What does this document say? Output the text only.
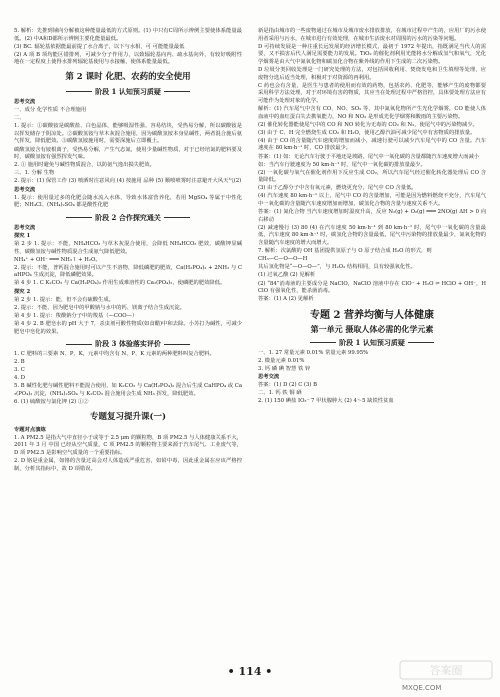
5. 解析：先推到铺向分解被这种能量最低的方式原则。(1) 中只有C周所示辨例主要使体系能量最低。(2) 中A和D都所示辨例主要化能量最低。

(3) BC. 辐轮基依据能最前提了水合离子，以下与水相，可 可能能量最低

(2) A 项 B 项均能区错排列，可减少分子作用力，以致辐轮基向内、疏水基向外，有较好吸附性地在一定程度上使得水排列辐轮基使用与水接触，使体系能量最低。

第 2 课时 化肥、农药的安全使用
阶段 1 认知预习质疑

思考交流

一、成分 化学性质 不合理施用

二、

1. 提示：①碳酸铵是碳酸盐、白色晶体，能够吸湿性强、容易结块，受热易分解，所以碳酸铵是以挥发储存于阴凉处。②碳酸氢铵与草木灰混合施用，因为碳酸氢铵本身显碱性，两者混合施后氨气挥发，降低肥效。③碳酸氢铵施用时，需要深施后立即覆土。

碳酸氢铵含有铵根离子，受热易分解，产生气态氮，使用少量碱性物质，对于已经培氮的肥料要及时，碳酸氢铵有强烈挥发气味。

2. ① 施用时避免与碱性物质混合，以防氨气逸出损失肥效。

三、1. 分解 生物

2. 提示：(1) 保管工作 (3) 喷洒时注意风向 (4) 按施用 品种 (5) 顺喷喷雾时注意避开大风天气(2)

思考交流

1. 提示：使用量过多的化肥会随水流入水体，导致水体富营养化，若用 MgSO₄ 等属于中性化肥；NH₄Cl、(NH₄)₂SO₄ 都是酸性化肥

阶段 2 合作探究通关

思考交流

探究 1

第 2 步 1. 提示：不能，NH₄HCO₃ 与草木灰混合使用，会降低 NH₄HCO₃ 肥效，碳酸钾显碱性，碳酸氢铵与碱性物质混合生成氨气降低肥效。

NH₄⁺ + OH⁻ ═══ NH₃↑ + H₂O。

2. 提示：不能，普钙混合施用时可以产生不溶物，降低磷肥的肥效，Ca(H₂PO₄)₂ + 2NH₃ 与 CaHPO₄ 生成沉淀，降低磷肥效果。

第 4 步 1. C K₂CO₃ 与 Ca(H₂PO₄)₂ 作用生成难溶性的 Ca₃(PO₄)₂，使磷肥的肥效降低。

探究 2

第 2 步 1. 提示：能，但不会有硫酸生成。

2. 提示：不能，因为肥皂中的甲酸钠与水中的钙、镁离子结合生成沉淀。

第 4 步 1. 提示：羧酸钠分子中的羧基（—COO—）

第 4 步 2. B 肥皂水的 pH 大于 7，杀虫剂可酸性物质(如食醋)中和去除。小苏打为碱性，可减少肥皂中皂化的效果。

阶段 3 体验落实评价

1. C 肥料的三要素 N、P、K，元素中均含有 N、P、K 元素的两种肥料叫复合肥料。

2. B

3. C

4. D

5. B 碱性化肥与碱性肥料不能混合使用，如 K₂CO₃ 与 Ca(H₂PO₄)₂ 混合后生成 CaHPO₄ 或 Ca₃(PO₄)₂ 沉淀，(NH₄)₂SO₄ 与 K₂CO₃ 混合施用会生成 NH₃ 挥发，降低肥效。

6. (1) 硫酸铵与氯化钾 (2) ①②

专题复习提升课(一)

专题对点演练

1. A PM2.5 是指大气中直径小于或等于 2.5 μm 的颗粒物，B 项 PM2.5 与人体健康关系不大，2011 年 3 月 中国 已经从空气质量，C 项 PM2.5 的颗粒物主要来源于汽车尾气、工业废气等，D 项 PM2.5 是影响空气质量的一个重要指标。

2. D 铬是重金属，如铬的含量过高会对人体造成严重危害，如铅中毒，因此重金属在应该严格控制，分析其指标中，故 D 项错误。

新是指由城市的一些废物通过在城市及城市废水排放排放，在城市过程中产生的，应用厂的污水使用者采用与污水，在城市进行有效处理，在城市生活废水对周围的污水的污染等问题。

D 可持续发展是一种注重长远发展的经济增长模式，最初于 1972 年提出，指既满足当代人的需要，又不损害后代人满足需要能力的发展。TiO₂ 的催化剂利用光能将水分解成氢气和氧气，光化学烟雾是由大气中氮氧化物和碳氢化合物在紫外线的作用下生成的二次污染物。

D 垃圾分类回收处理是一门研究处理的方法，对包括回收利用、焚烧发电和卫生填埋等处理，应废物分选后适当处理，积极对于对资源的再利用。

C 药也会有含量，是医生与患者的使用而有效的药物，包括农药、化肥等，能够产生的废物都要采用科学方法处理，对于对环境有害的物质，其应当在处理过程中严格管控，具体要处理方法应有可能作为处理对象的化学。

解析：(1) 汽车尾气中含有 CO、NO、SO₂ 等，其中氮氧化物所产生光化学烟雾，CO 能使人体血液中的血红蛋白失去携氧能力，NO 和 NO₂ 是形成光化学烟雾和酸雨的主要污染物。

(2) 催化转化器能使尾气中的 CO 和 NO 转化为无毒的 CO₂ 和 N₂，使尾气中的污染物减少。

(3) 由于 C、H 完全燃烧生成 CO₂ 和 H₂O，使用乙醇汽油可减少尾气中有害物质的排放量。

(4) 由于 CO 的含量随汽车速度的增加而减小，减速行驶可以减少汽车尾气中的 CO 含量。汽车速度在 80 km·h⁻¹ 时，CO 排放最少。

答案：(1) 如：无论汽车行驶于平地还是坡路，尾气中一氧化碳的含量都随汽车速度增大而减小

如：当汽车行驶速度为 50 km·h⁻¹ 时，尾气中一氧化碳的排放量最少。

(2) 一氧化碳与氧气在催化剂作用下反应生成 CO₂，所以汽车尾气经过催化转化器处理后 CO 含量降低。

(3) 由于乙醇分子中含有氧元素，燃烧更充分，尾气中 CO 含量低。

(4) 汽车速度 80 km·h⁻¹ 以上，尾气中 CO 的含量增加，可能是因为燃料燃烧不充分，汽车尾气中一氧化碳的含量随汽车速度增加而增加，碳氢化合物的含量与速度关系不大。

答案：(1) 氮化合物 当汽车速度增加时温度升高，反应 N₂(g) + O₂(g) ═══ 2NO(g) ΔH > 0 向右移动

(2) 减速慢行 (3) 80 (4) 在汽车速度 50 km·h⁻¹ 到 80 km·h⁻¹ 时，尾气中一氧化碳的含量最低，汽车速度 80 km·h⁻¹ 时，碳氢化合物的含量最低，尾气中污染物的排放量最少，氮氧化物的含量随汽车速度的增大而增大。

7. 解析：次氯酸的 OH 基团提供氢原子与 O 原子结合成 H₂O 的形式，则

CH₃—C—O—O—H

其后氢化物是“—O—O—”，与 H₂O₂ 结构相同，具有较强氧化性。

(1) 过氧乙酸 (2) 见解析

(2) “84”消毒液的主要成分是 NaClO，NaClO 溶液中存在 ClO⁻ + H₂O ⇌ HClO + OH⁻，HClO 有强氧化性，能杀菌消毒。

答案：(1) A (2) 见解析

专题 2 营养均衡与人体健康
第一单元 摄取人体必需的化学元素
阶段 1 认知预习质疑

一、1. 27 常量元素 0.01% 常量元素 99.95%

2. 微量元素 0.01%

3. 钙 磷 碘 智慧 铁 锌

思考交流

答案：(1) D (2) C (3) B

二、1. 钙 铁 铜 硒

2. (1) 150 碘盐 IO₃⁻ 7 甲状腺肿大 (2) 4～5 缺铁性贫血

• 114 •	答案圈
MXQE.COM
